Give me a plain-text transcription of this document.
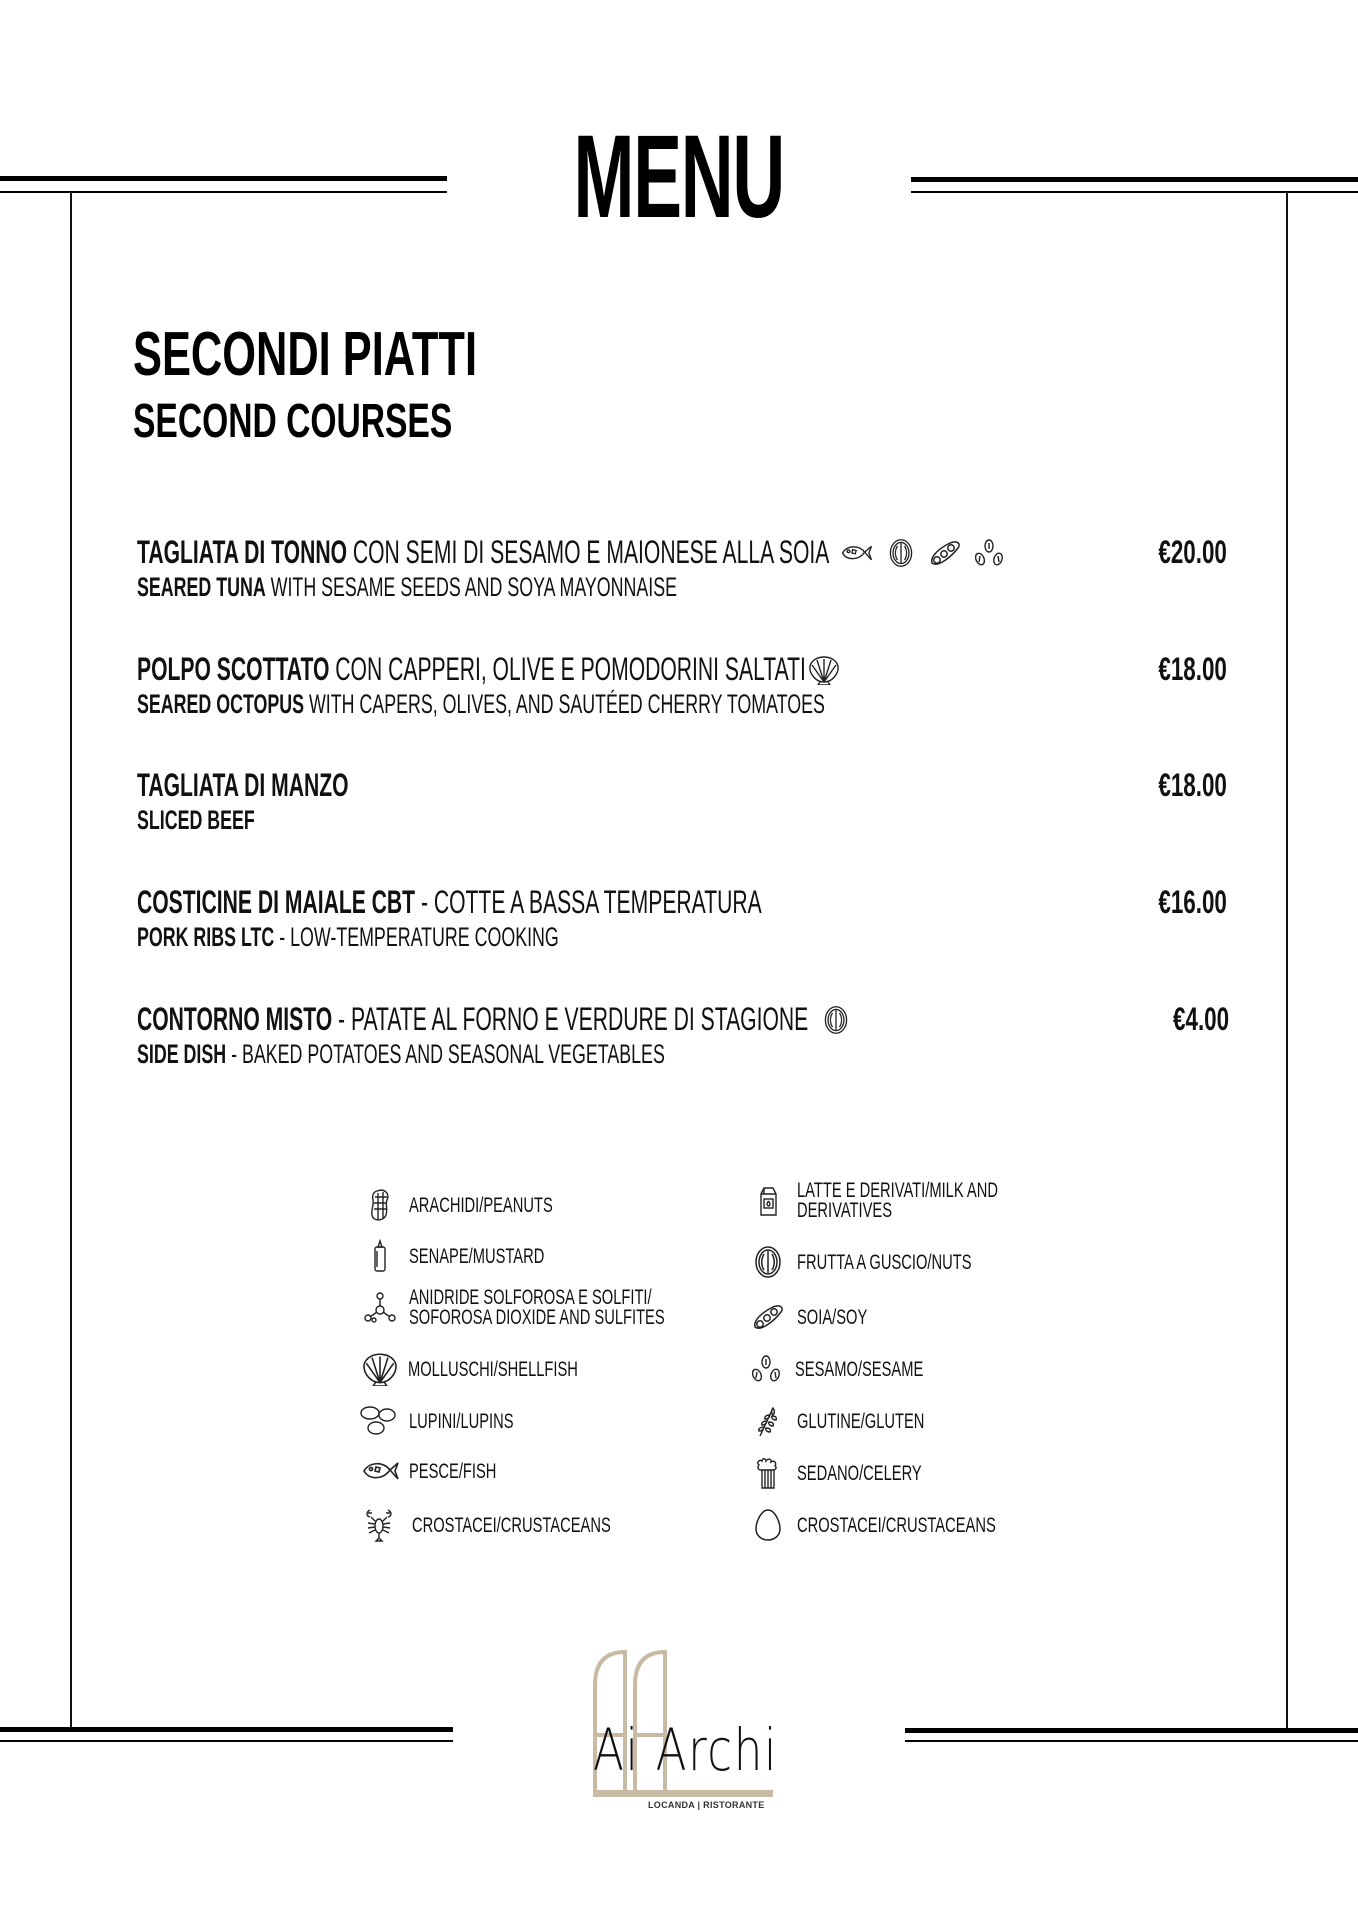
MENU
SECONDI PIATTI
SECOND COURSES
TAGLIATA DI TONNO CON SEMI DI SESAMO E MAIONESE ALLA SOIA
SEARED TUNA WITH SESAME SEEDS AND SOYA MAYONNAISE
€20.00
POLPO SCOTTATO CON CAPPERI, OLIVE E POMODORINI SALTATI
SEARED OCTOPUS WITH CAPERS, OLIVES, AND SAUTÉED CHERRY TOMATOES
€18.00
TAGLIATA DI MANZO
SLICED BEEF
€18.00
COSTICINE DI MAIALE CBT - COTTE A BASSA TEMPERATURA
PORK RIBS LTC - LOW-TEMPERATURE COOKING
€16.00
CONTORNO MISTO - PATATE AL FORNO E VERDURE DI STAGIONE
SIDE DISH - BAKED POTATOES AND SEASONAL VEGETABLES
€4.00
ARACHIDI/PEANUTS
SENAPE/MUSTARD
ANIDRIDE SOLFOROSA E SOLFITI/
SOFOROSA DIOXIDE AND SULFITES
MOLLUSCHI/SHELLFISH
LUPINI/LUPINS
PESCE/FISH
CROSTACEI/CRUSTACEANS
LATTE E DERIVATI/MILK AND
DERIVATIVES
FRUTTA A GUSCIO/NUTS
SOIA/SOY
SESAMO/SESAME
GLUTINE/GLUTEN
SEDANO/CELERY
CROSTACEI/CRUSTACEANS
Ai Archi
LOCANDA | RISTORANTE
